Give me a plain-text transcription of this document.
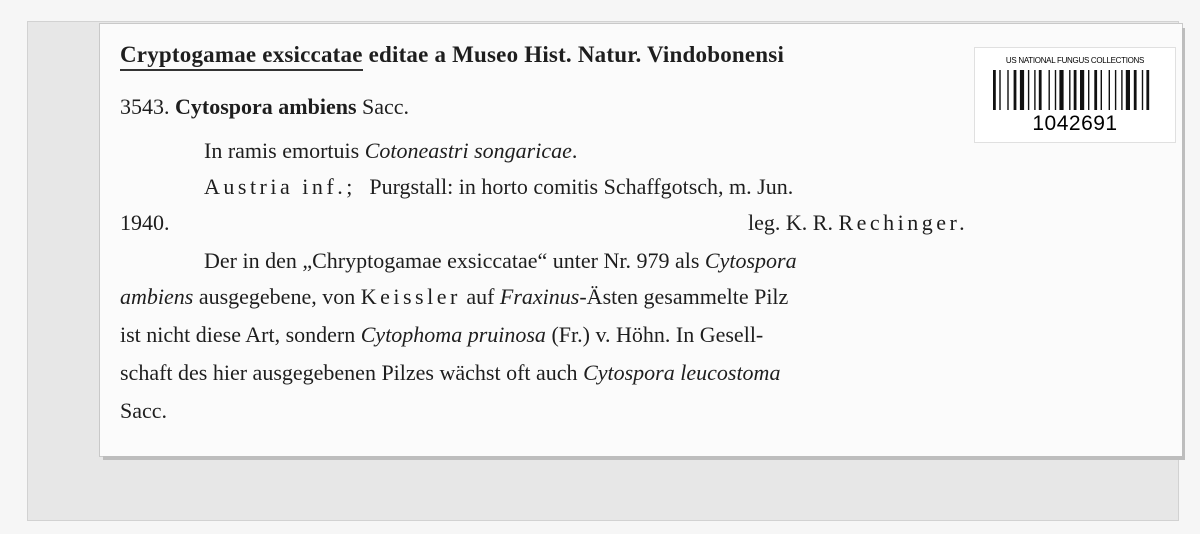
Cryptogamae exsiccatae editae a Museo Hist. Natur. Vindobonensi
3543. Cytospora ambiens Sacc.
In ramis emortuis Cotoneastri songaricae.
Austria inf.; Purgstall: in horto comitis Schaffgotsch, m. Jun.
1940.	leg. K. R. Rechinger.
Der in den „Chryptogamae exsiccatae“ unter Nr. 979 als Cytospora
ambiens ausgegebene, von Keissler auf Fraxinus-Ästen gesammelte Pilz
ist nicht diese Art, sondern Cytophoma pruinosa (Fr.) v. Höhn. In Gesell-
schaft des hier ausgegebenen Pilzes wächst oft auch Cytospora leucostoma
Sacc.
US NATIONAL FUNGUS COLLECTIONS
1042691
